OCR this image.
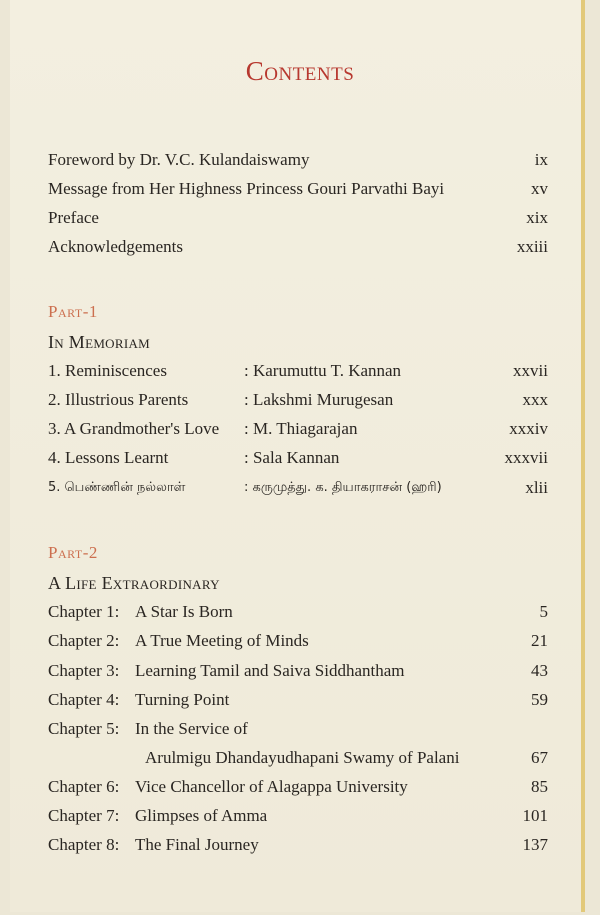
Contents
Foreword by Dr. V.C. Kulandaiswamy	ix
Message from Her Highness Princess Gouri Parvathi Bayi	xv
Preface	xix
Acknowledgements	xxiii
Part-1
In Memoriam
1. Reminiscences	: Karumuttu T. Kannan	xxvii
2. Illustrious Parents	: Lakshmi Murugesan	xxx
3. A Grandmother's Love : M. Thiagarajan	xxxiv
4. Lessons Learnt	: Sala Kannan	xxxvii
5. பெண்ணின் நல்லாள்	: கருமுத்து. க. தியாகராசன் (ஹரி)	xlii
Part-2
A Life Extraordinary
Chapter 1: A Star Is Born	5
Chapter 2: A True Meeting of Minds	21
Chapter 3: Learning Tamil and Saiva Siddhantham	43
Chapter 4: Turning Point	59
Chapter 5: In the Service of
Arulmigu Dhandayudhapani Swamy of Palani	67
Chapter 6: Vice Chancellor of Alagappa University	85
Chapter 7: Glimpses of Amma	101
Chapter 8: The Final Journey	137
